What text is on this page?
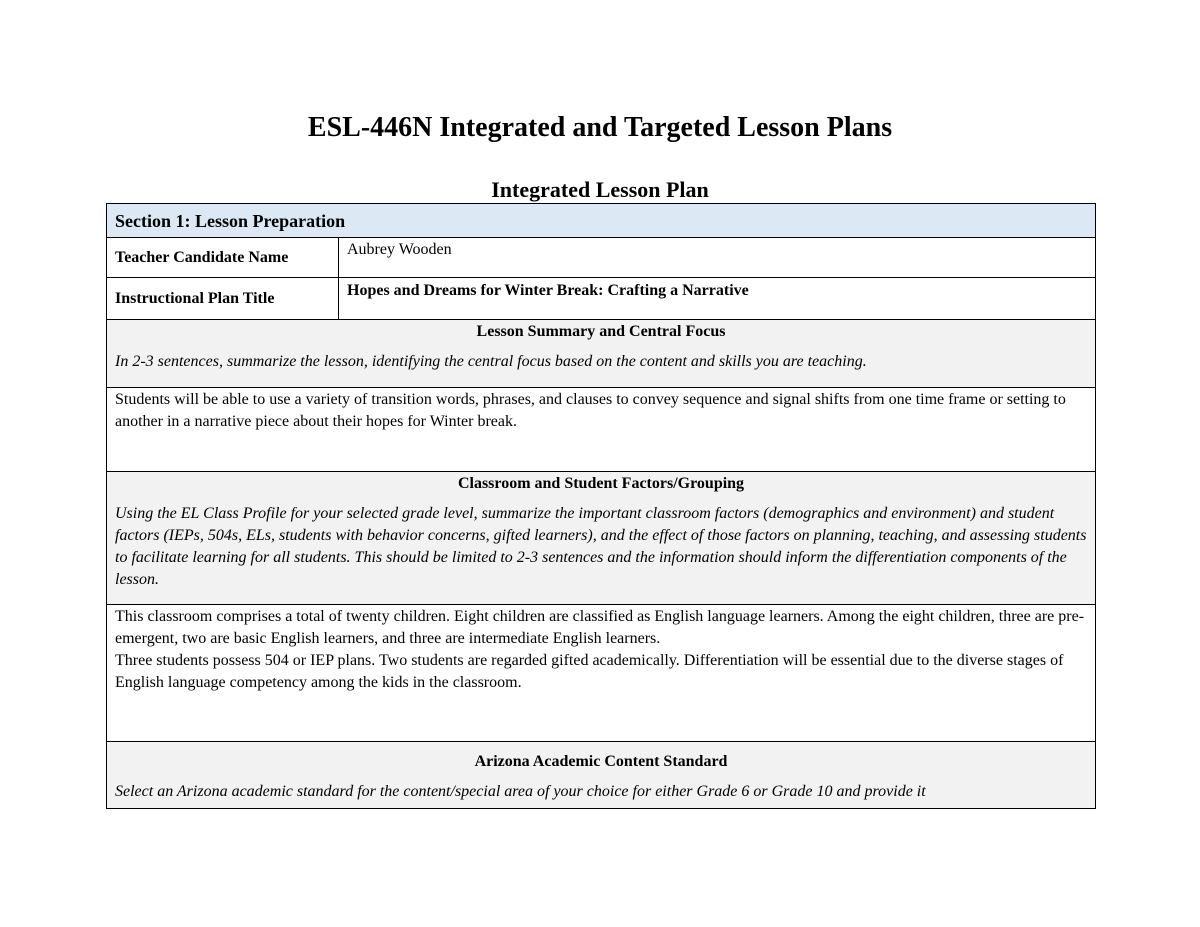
ESL-446N Integrated and Targeted Lesson Plans
Integrated Lesson Plan
Section 1: Lesson Preparation	
Teacher Candidate Name	Aubrey Wooden
Instructional Plan Title	Hopes and Dreams for Winter Break: Crafting a Narrative

Lesson Summary and Central Focus
In 2-3 sentences, summarize the lesson, identifying the central focus based on the content and skills you are teaching.	

Students will be able to use a variety of transition words, phrases, and clauses to convey sequence and signal shifts from one time frame or setting to another in a narrative piece about their hopes for Winter break.	

Classroom and Student Factors/Grouping
Using the EL Class Profile for your selected grade level, summarize the important classroom factors (demographics and environment) and student factors (IEPs, 504s, ELs, students with behavior concerns, gifted learners), and the effect of those factors on planning, teaching, and assessing students to facilitate learning for all students. This should be limited to 2-3 sentences and the information should inform the differentiation components of the lesson.	

This classroom comprises a total of twenty children. Eight children are classified as English language learners. Among the eight children, three are pre-emergent, two are basic English learners, and three are intermediate English learners.
Three students possess 504 or IEP plans. Two students are regarded gifted academically. Differentiation will be essential due to the diverse stages of English language competency among the kids in the classroom.	

Arizona Academic Content Standard
Select an Arizona academic standard for the content/special area of your choice for either Grade 6 or Grade 10 and provide it	
